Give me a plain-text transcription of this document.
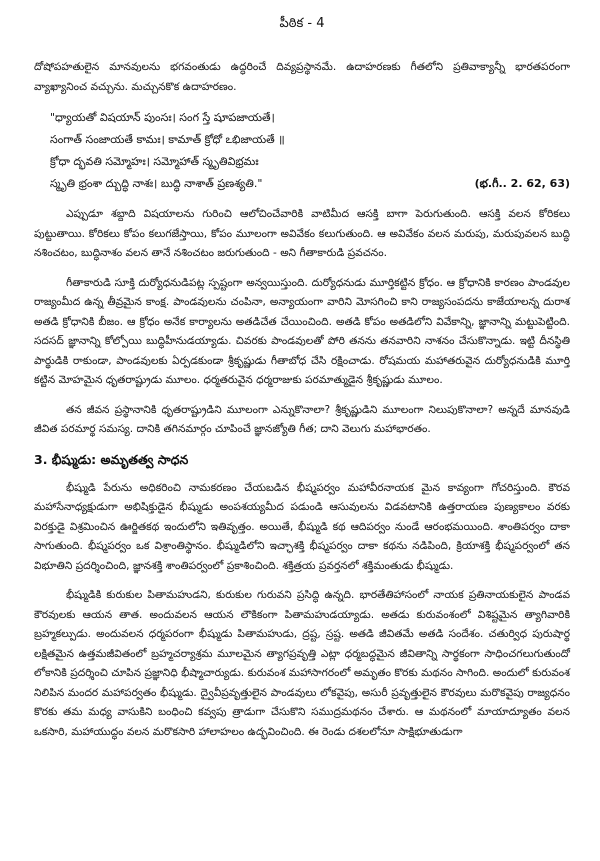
పీఠిక - 4

దోషోపహతులైన మానవులను భగవంతుడు ఉద్ధరించే దివ్యప్రస్థానమే. ఉదాహరణకు గీతలోని ప్రతివాక్యాన్నీ భారతపరంగా వ్యాఖ్యానించ వచ్చును. మచ్చునకొక ఉదాహరణం.

"ధ్యాయతో విషయాన్ పుంసః। సంగ స్తే షూపజాయతే।
సంగాత్ సంజాయతే కామః। కామాత్ క్రోధో ఽభిజాయతే ॥
క్రోధా ద్భవతి సమ్మోహః। సమ్మోహాత్ స్మృతివిభ్రమః
స్మృతి భ్రంశా ద్బుద్ధి నాశః। బుద్ధి నాశాత్ ప్రణశ్యతి."	(భ.గీ.. 2. 62, 63)

ఎప్పుడూ శబ్దాది విషయాలను గురించి ఆలోచించేవారికి వాటిమీద ఆసక్తి బాగా పెరుగుతుంది. ఆసక్తి వలన కోరికలు పుట్టుతాయి. కోరికలు కోపం కలుగజేస్తాయి, కోపం మూలంగా అవివేకం కలుగుతుంది. ఆ అవివేకం వలన మరుపు, మరుపువలన బుద్ధి నశించటం, బుద్ధినాశం వలన తానే నశించటం జరుగుతుంది - అని గీతాకారుడి ప్రవచనం.

గీతాకారుడి సూక్తి దుర్యోధనుడిపట్ల స్పష్టంగా అన్వయిస్తుంది. దుర్యోధనుడు మూర్తికట్టిన క్రోధం. ఆ క్రోధానికి కారణం పాండవుల రాజ్యంమీద ఉన్న తీవ్రమైన కాంక్ష. పాండవులను చంపినా, అన్యాయంగా వారిని మోసగించి కాని రాజ్యసంపదను కాజేయాలన్న దురాశ అతడి క్రోధానికి బీజం. ఆ క్రోధం అనేక కార్యాలను అతడిచేత చేయించింది. అతడి కోపం అతడిలోని వివేకాన్ని, జ్ఞానాన్ని మట్టుపెట్టింది. సదసద్ జ్ఞానాన్ని కోల్పోయి బుద్ధిహీనుడయ్యాడు. చివరకు పాండవులతో పోరి తనను తనవారిని నాశనం చేసుకొన్నాడు. ఇట్టి దీనస్థితి పార్థుడికి రాకుండా, పాండవులకు ఏర్పడకుండా శ్రీకృష్ణుడు గీతాబోధ చేసి రక్షించాడు. రోషమయ మహాతరువైన దుర్యోధనుడికి మూర్తి కట్టిన మోహమైన ధృతరాష్ట్రుడు మూలం. ధర్మతరువైన ధర్మరాజుకు పరమాత్ముడైన శ్రీకృష్ణుడు మూలం.

తన జీవన ప్రస్థానానికి ధృతరాష్ట్రుడిని మూలంగా ఎన్నుకొనాలా? శ్రీకృష్ణుడిని మూలంగా నిలుపుకొనాలా? అన్నదే మానవుడి జీవిత పరమార్థ సమస్య. దానికి తగినమార్గం చూపించే జ్ఞానజ్యోతి గీత; దాని వెలుగు మహాభారతం.

3. భీష్ముడు: అమృతత్వ సాధన

భీష్ముడి పేరును అధికరించి నామకరణం చేయబడిన భీష్మపర్వం మహావీరనాయక మైన కావ్యంగా గోచరిస్తుంది. కౌరవ మహాసేనాధ్యక్షుడుగా అభిషిక్తుడైన భీష్ముడు అంపశయ్యమీద పడుండి ఆసువులను విడవటానికి ఉత్తరాయణ పుణ్యకాలం వరకు విరక్తుడై విశ్రమించిన ఊర్జితకథ ఇందులోని ఇతివృత్తం. అయితే, భీష్ముడి కథ ఆదిపర్వం నుండే ఆరంభమయింది. శాంతిపర్వం దాకా సాగుతుంది. భీష్మపర్వం ఒక విశ్రాంతిస్థానం. భీష్ముడిలోని ఇచ్ఛాశక్తి భీష్మపర్వం దాకా కథను నడిపింది, క్రియాశక్తి భీష్మపర్వంలో తన విభూతిని ప్రదర్శించింది, జ్ఞానశక్తి శాంతిపర్వంలో ప్రకాశించింది. శక్తిత్రయ ప్రవర్తనలో శక్తిమంతుడు భీష్ముడు.

భీష్ముడికి కురుకుల పితామహుడని, కురుకుల గురువని ప్రసిద్ధి ఉన్నది. భారతేతిహాసంలో నాయక ప్రతినాయకులైన పాండవ కౌరవులకు ఆయన తాత. అందువలన ఆయన లౌకికంగా పితామహుడయ్యాడు. అతడు కురువంశంలో విశిష్టమైన త్యాగివారికి బ్రహ్మకల్పుడు. అందువలన ధర్మపరంగా భీష్ముడు పితామహుడు, ద్రష్ట, స్రష్ట. అతడి జీవితమే అతడి సందేశం. చతుర్విధ పురుషార్థ లక్షితమైన ఉత్తమజీవితంలో బ్రహ్మచర్యాశ్రమ మూలమైన త్యాగప్రవృత్తి ఎట్లా ధర్మబద్ధమైన జీవితాన్ని సార్థకంగా సాధించగలుగుతుందో లోకానికి ప్రదర్శించి చూపిన ప్రజ్ఞానిధి భీష్మాచార్యుడు. కురువంశ మహాసాగరంలో అమృతం కొరకు మథనం సాగింది. అందులో కురువంశ నిలిపిన మందర మహాపర్వతం భీష్ముడు. ద్వైవీప్రవృత్తులైన పాండవులు లోకవైపు, అసురీ ప్రవృత్తులైన కౌరవులు మరొకవైపు రాజ్యధనం కొరకు తమ మధ్య వాసుకిని బంధించి కవ్వపు త్రాడుగా చేసుకొని సముద్రమథనం చేశారు. ఆ మథనంలో మాయాద్యూతం వలన ఒకసారి, మహాయుద్ధం వలన మరొకసారి హాలాహలం ఉద్భవించింది. ఈ రెండు దశలలోనూ సాక్షిభూతుడుగా
